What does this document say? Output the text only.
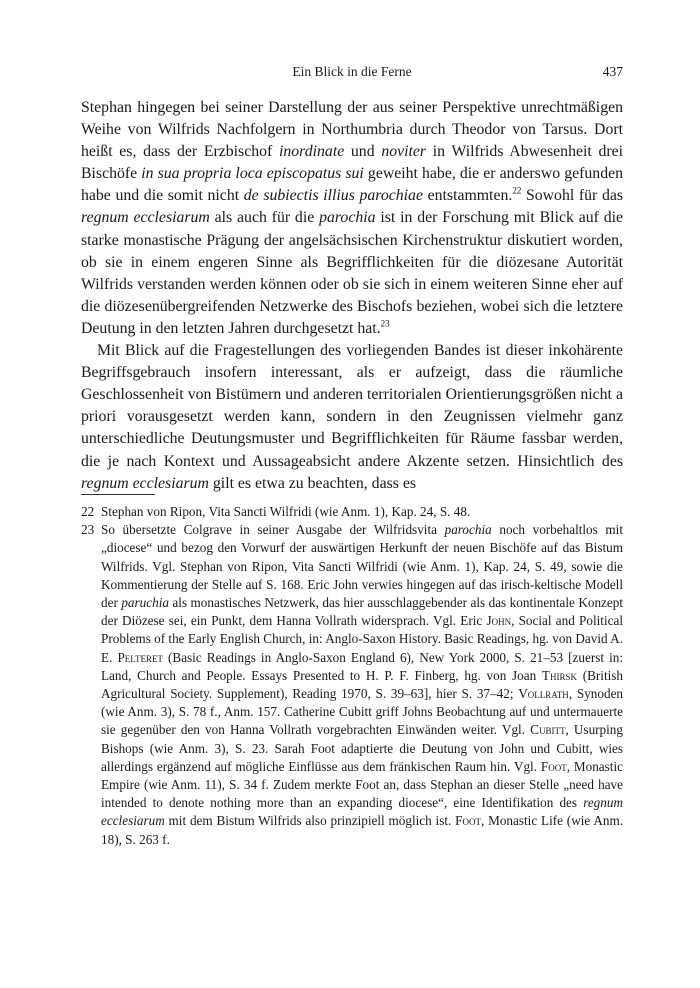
Ein Blick in die Ferne	437

Stephan hingegen bei seiner Darstellung der aus seiner Perspektive unrechtmäßigen Weihe von Wilfrids Nachfolgern in Northumbria durch Theodor von Tarsus. Dort heißt es, dass der Erzbischof inordinate und noviter in Wilfrids Abwesenheit drei Bischöfe in sua propria loca episcopatus sui geweiht habe, die er anderswo gefunden habe und die somit nicht de subiectis illius parochiae entstammten.$^{22}$ Sowohl für das regnum ecclesiarum als auch für die parochia ist in der Forschung mit Blick auf die starke monastische Prägung der angelsächsischen Kirchenstruktur diskutiert worden, ob sie in einem engeren Sinne als Begrifflichkeiten für die diözesane Autorität Wilfrids verstanden werden können oder ob sie sich in einem weiteren Sinne eher auf die diözesenübergreifenden Netzwerke des Bischofs beziehen, wobei sich die letztere Deutung in den letzten Jahren durchgesetzt hat.$^{23}$

Mit Blick auf die Fragestellungen des vorliegenden Bandes ist dieser inkohärente Begriffsgebrauch insofern interessant, als er aufzeigt, dass die räumliche Geschlossenheit von Bistümern und anderen territorialen Orientierungsgrößen nicht a priori vorausgesetzt werden kann, sondern in den Zeugnissen vielmehr ganz unterschiedliche Deutungsmuster und Begrifflichkeiten für Räume fassbar werden, die je nach Kontext und Aussageabsicht andere Akzente setzen. Hinsichtlich des regnum ecclesiarum gilt es etwa zu beachten, dass es

22 Stephan von Ripon, Vita Sancti Wilfridi (wie Anm. 1), Kap. 24, S. 48.
23 So übersetzte Colgrave in seiner Ausgabe der Wilfridsvita parochia noch vorbehaltlos mit „diocese“ und bezog den Vorwurf der auswärtigen Herkunft der neuen Bischöfe auf das Bistum Wilfrids. Vgl. Stephan von Ripon, Vita Sancti Wilfridi (wie Anm. 1), Kap. 24, S. 49, sowie die Kommentierung der Stelle auf S. 168. Eric John verwies hingegen auf das irisch-keltische Modell der paruchia als monastisches Netzwerk, das hier ausschlaggebender als das kontinentale Konzept der Diözese sei, ein Punkt, dem Hanna Vollrath widersprach. Vgl. Eric John, Social and Political Problems of the Early English Church, in: Anglo-Saxon History. Basic Readings, hg. von David A. E. Pelteret (Basic Readings in Anglo-Saxon England 6), New York 2000, S. 21–53 [zuerst in: Land, Church and People. Essays Presented to H. P. F. Finberg, hg. von Joan Thirsk (British Agricultural Society. Supplement), Reading 1970, S. 39–63], hier S. 37–42; Vollrath, Synoden (wie Anm. 3), S. 78 f., Anm. 157. Catherine Cubitt griff Johns Beobachtung auf und untermauerte sie gegenüber den von Hanna Vollrath vorgebrachten Einwänden weiter. Vgl. Cubitt, Usurping Bishops (wie Anm. 3), S. 23. Sarah Foot adaptierte die Deutung von John und Cubitt, wies allerdings ergänzend auf mögliche Einflüsse aus dem fränkischen Raum hin. Vgl. Foot, Monastic Empire (wie Anm. 11), S. 34 f. Zudem merkte Foot an, dass Stephan an dieser Stelle „need have intended to denote nothing more than an expanding diocese“, eine Identifikation des regnum ecclesiarum mit dem Bistum Wilfrids also prinzipiell möglich ist. Foot, Monastic Life (wie Anm. 18), S. 263 f.
